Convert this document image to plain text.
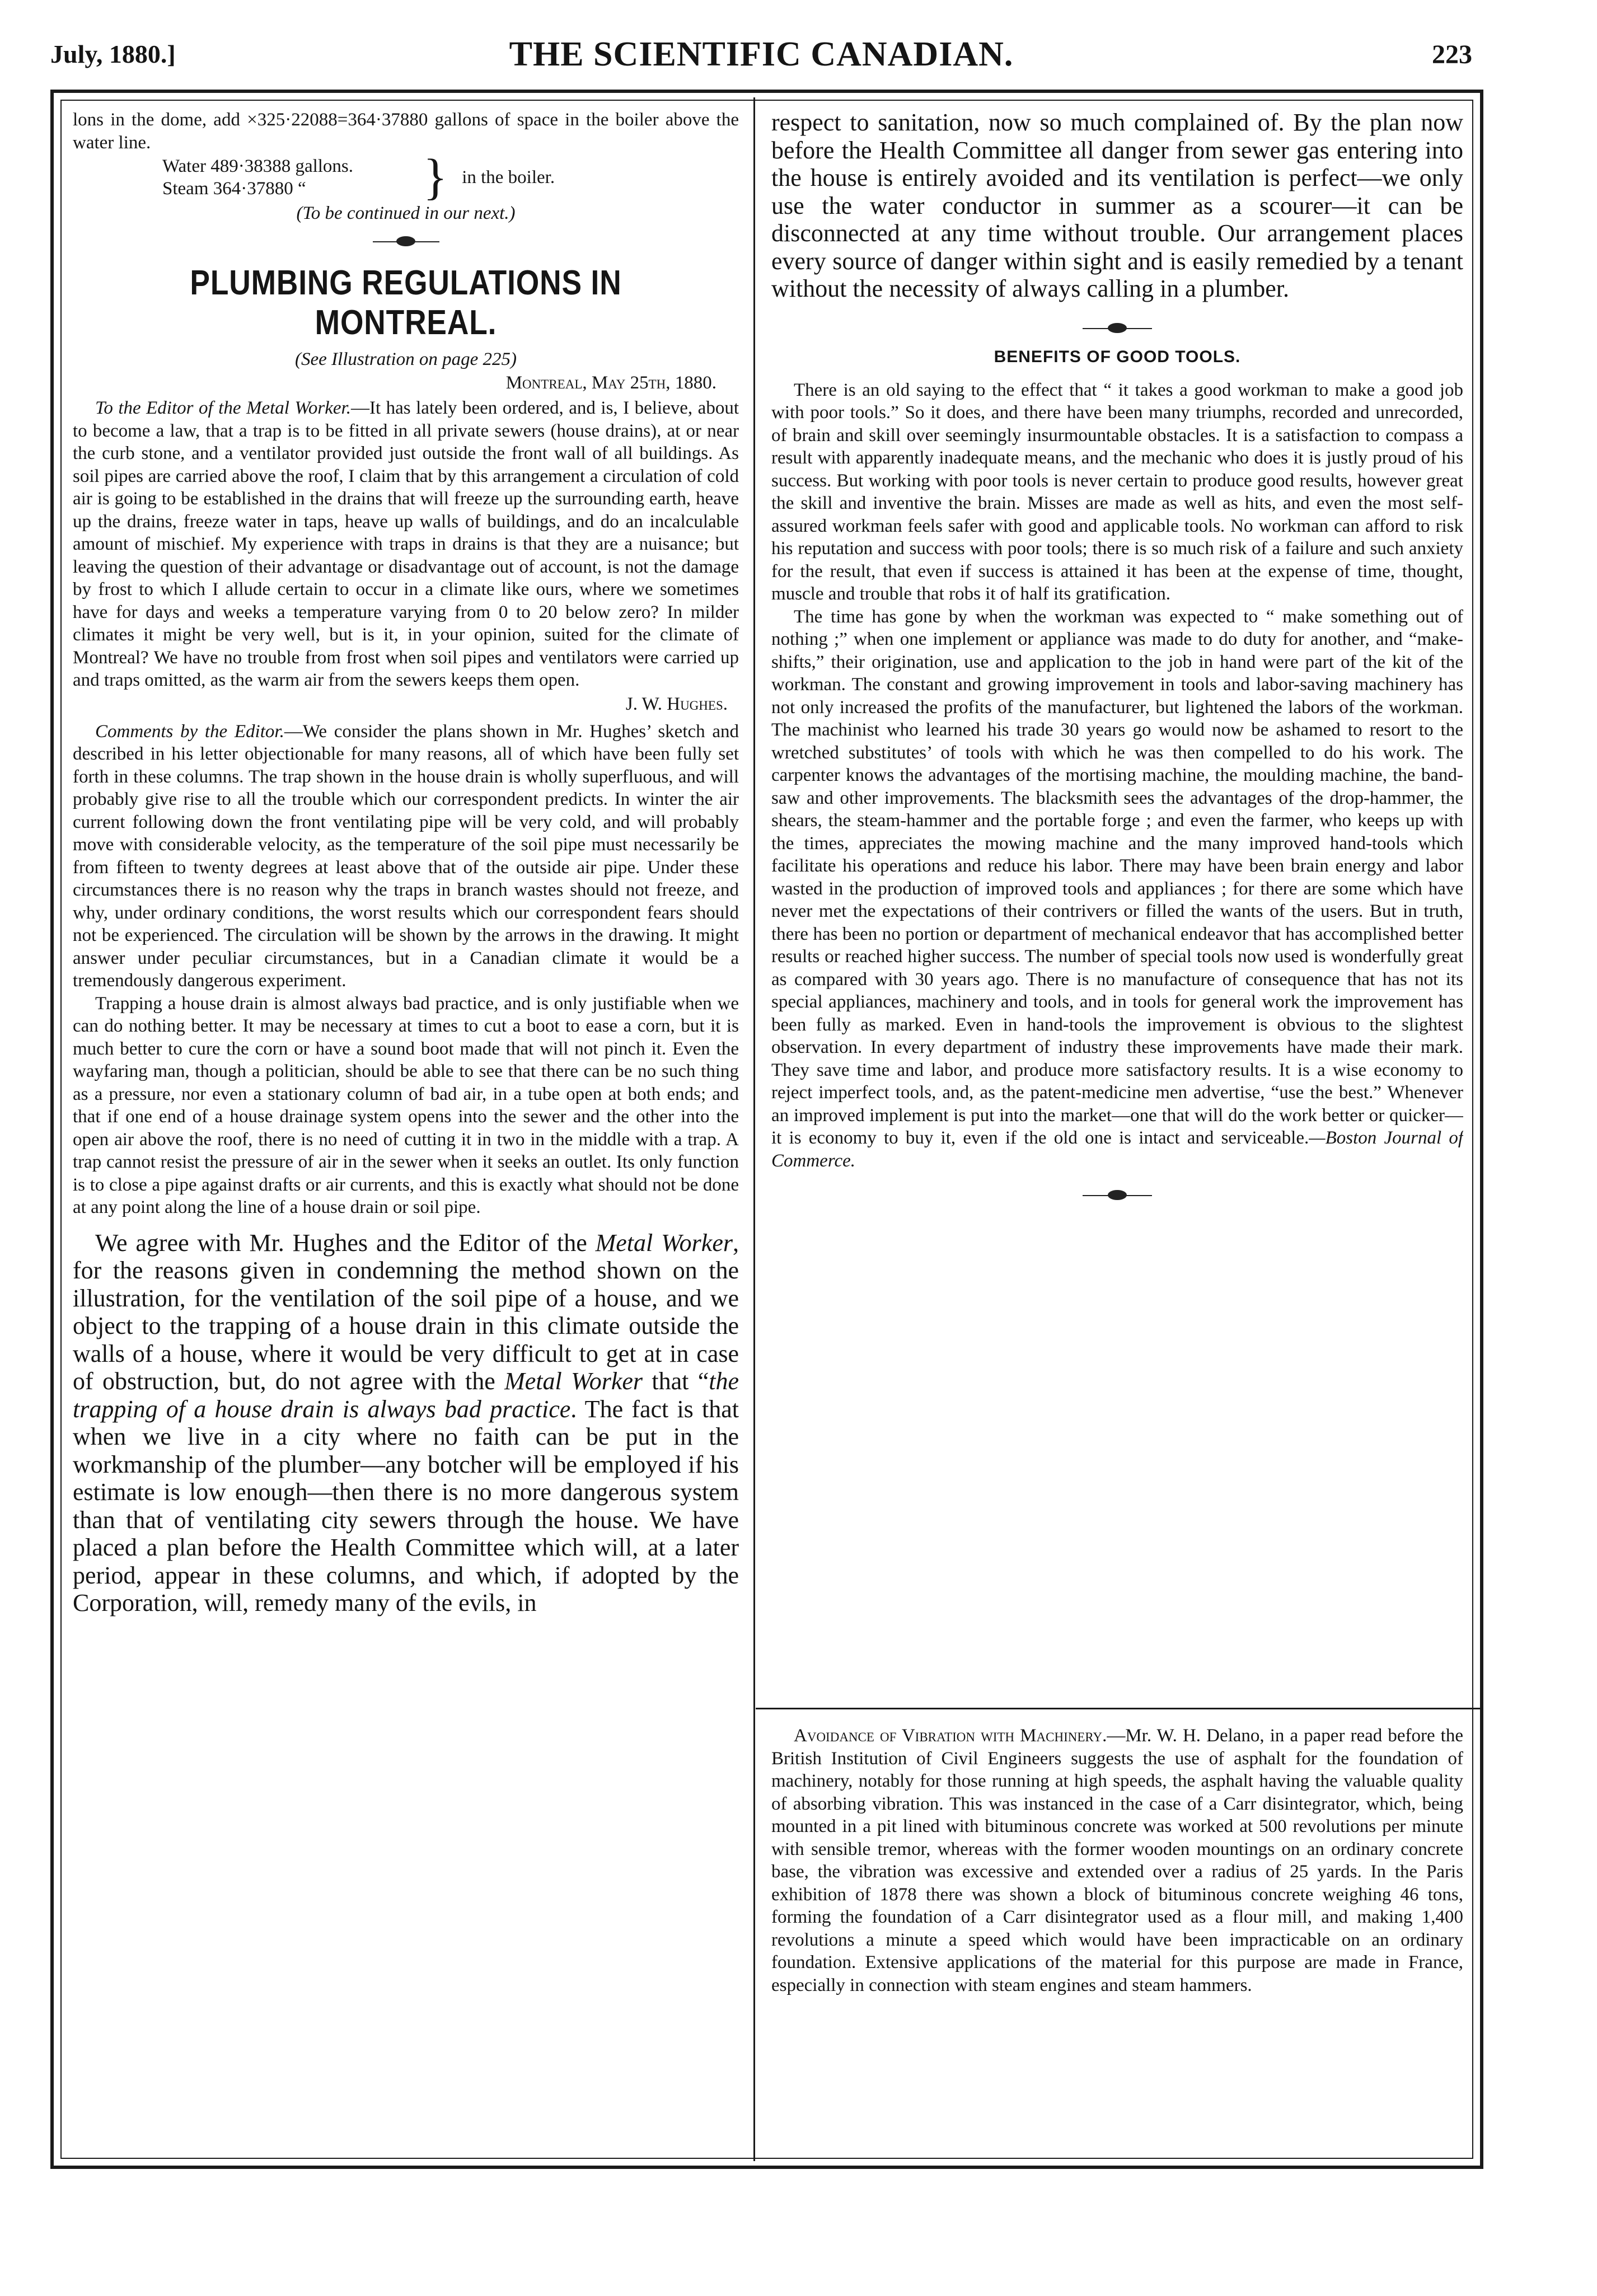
July, 1880.]	THE SCIENTIFIC CANADIAN.	223

lons in the dome, add ×325·22088=364·37880 gallons of space in the boiler above the water line.

Water 489·38388 gallons.
Steam 364·37880 “	} in the boiler.

(To be continued in our next.)

PLUMBING REGULATIONS IN MONTREAL.

(See Illustration on page 225)

Montreal, May 25th, 1880.

To the Editor of the Metal Worker.—It has lately been ordered, and is, I believe, about to become a law, that a trap is to be fitted in all private sewers (house drains), at or near the curb stone, and a ventilator provided just outside the front wall of all buildings. As soil pipes are carried above the roof, I claim that by this arrangement a circulation of cold air is going to be established in the drains that will freeze up the surrounding earth, heave up the drains, freeze water in taps, heave up walls of buildings, and do an incalculable amount of mischief. My experience with traps in drains is that they are a nuisance; but leaving the question of their advantage or disadvantage out of account, is not the damage by frost to which I allude certain to occur in a climate like ours, where we sometimes have for days and weeks a temperature varying from 0 to 20 below zero? In milder climates it might be very well, but is it, in your opinion, suited for the climate of Montreal? We have no trouble from frost when soil pipes and ventilators were carried up and traps omitted, as the warm air from the sewers keeps them open.

J. W. Hughes.

Comments by the Editor.—We consider the plans shown in Mr. Hughes’ sketch and described in his letter objectionable for many reasons, all of which have been fully set forth in these columns. The trap shown in the house drain is wholly superfluous, and will probably give rise to all the trouble which our correspondent predicts. In winter the air current following down the front ventilating pipe will be very cold, and will probably move with considerable velocity, as the temperature of the soil pipe must necessarily be from fifteen to twenty degrees at least above that of the outside air pipe. Under these circumstances there is no reason why the traps in branch wastes should not freeze, and why, under ordinary conditions, the worst results which our correspondent fears should not be experienced. The circulation will be shown by the arrows in the drawing. It might answer under peculiar circumstances, but in a Canadian climate it would be a tremendously dangerous experiment.

Trapping a house drain is almost always bad practice, and is only justifiable when we can do nothing better. It may be necessary at times to cut a boot to ease a corn, but it is much better to cure the corn or have a sound boot made that will not pinch it. Even the wayfaring man, though a politician, should be able to see that there can be no such thing as a pressure, nor even a stationary column of bad air, in a tube open at both ends; and that if one end of a house drainage system opens into the sewer and the other into the open air above the roof, there is no need of cutting it in two in the middle with a trap. A trap cannot resist the pressure of air in the sewer when it seeks an outlet. Its only function is to close a pipe against drafts or air currents, and this is exactly what should not be done at any point along the line of a house drain or soil pipe.

We agree with Mr. Hughes and the Editor of the Metal Worker, for the reasons given in condemning the method shown on the illustration, for the ventilation of the soil pipe of a house, and we object to the trapping of a house drain in this climate outside the walls of a house, where it would be very difficult to get at in case of obstruction, but, do not agree with the Metal Worker that “the trapping of a house drain is always bad practice. The fact is that when we live in a city where no faith can be put in the workmanship of the plumber—any botcher will be employed if his estimate is low enough—then there is no more dangerous system than that of ventilating city sewers through the house. We have placed a plan before the Health Committee which will, at a later period, appear in these columns, and which, if adopted by the Corporation, will, remedy many of the evils, in

respect to sanitation, now so much complained of. By the plan now before the Health Committee all danger from sewer gas entering into the house is entirely avoided and its ventilation is perfect—we only use the water conductor in summer as a scourer—it can be disconnected at any time without trouble. Our arrangement places every source of danger within sight and is easily remedied by a tenant without the necessity of always calling in a plumber.

BENEFITS OF GOOD TOOLS.

There is an old saying to the effect that “ it takes a good workman to make a good job with poor tools.” So it does, and there have been many triumphs, recorded and unrecorded, of brain and skill over seemingly insurmountable obstacles. It is a satisfaction to compass a result with apparently inadequate means, and the mechanic who does it is justly proud of his success. But working with poor tools is never certain to produce good results, however great the skill and inventive the brain. Misses are made as well as hits, and even the most self-assured workman feels safer with good and applicable tools. No workman can afford to risk his reputation and success with poor tools; there is so much risk of a failure and such anxiety for the result, that even if success is attained it has been at the expense of time, thought, muscle and trouble that robs it of half its gratification.

The time has gone by when the workman was expected to “ make something out of nothing ;” when one implement or appliance was made to do duty for another, and “make-shifts,” their origination, use and application to the job in hand were part of the kit of the workman. The constant and growing improvement in tools and labor-saving machinery has not only increased the profits of the manufacturer, but lightened the labors of the workman. The machinist who learned his trade 30 years go would now be ashamed to resort to the wretched substitutes’ of tools with which he was then compelled to do his work. The carpenter knows the advantages of the mortising machine, the moulding machine, the band-saw and other improvements. The blacksmith sees the advantages of the drop-hammer, the shears, the steam-hammer and the portable forge ; and even the farmer, who keeps up with the times, appreciates the mowing machine and the many improved hand-tools which facilitate his operations and reduce his labor. There may have been brain energy and labor wasted in the production of improved tools and appliances ; for there are some which have never met the expectations of their contrivers or filled the wants of the users. But in truth, there has been no portion or department of mechanical endeavor that has accomplished better results or reached higher success. The number of special tools now used is wonderfully great as compared with 30 years ago. There is no manufacture of consequence that has not its special appliances, machinery and tools, and in tools for general work the improvement has been fully as marked. Even in hand-tools the improvement is obvious to the slightest observation. In every department of industry these improvements have made their mark. They save time and labor, and produce more satisfactory results. It is a wise economy to reject imperfect tools, and, as the patent-medicine men advertise, “use the best.” Whenever an improved implement is put into the market—one that will do the work better or quicker—it is economy to buy it, even if the old one is intact and serviceable.—Boston Journal of Commerce.

Avoidance of Vibration with Machinery.—Mr. W. H. Delano, in a paper read before the British Institution of Civil Engineers suggests the use of asphalt for the foundation of machinery, notably for those running at high speeds, the asphalt having the valuable quality of absorbing vibration. This was instanced in the case of a Carr disintegrator, which, being mounted in a pit lined with bituminous concrete was worked at 500 revolutions per minute with sensible tremor, whereas with the former wooden mountings on an ordinary concrete base, the vibration was excessive and extended over a radius of 25 yards. In the Paris exhibition of 1878 there was shown a block of bituminous concrete weighing 46 tons, forming the foundation of a Carr disintegrator used as a flour mill, and making 1,400 revolutions a minute a speed which would have been impracticable on an ordinary foundation. Extensive applications of the material for this purpose are made in France, especially in connection with steam engines and steam hammers.
